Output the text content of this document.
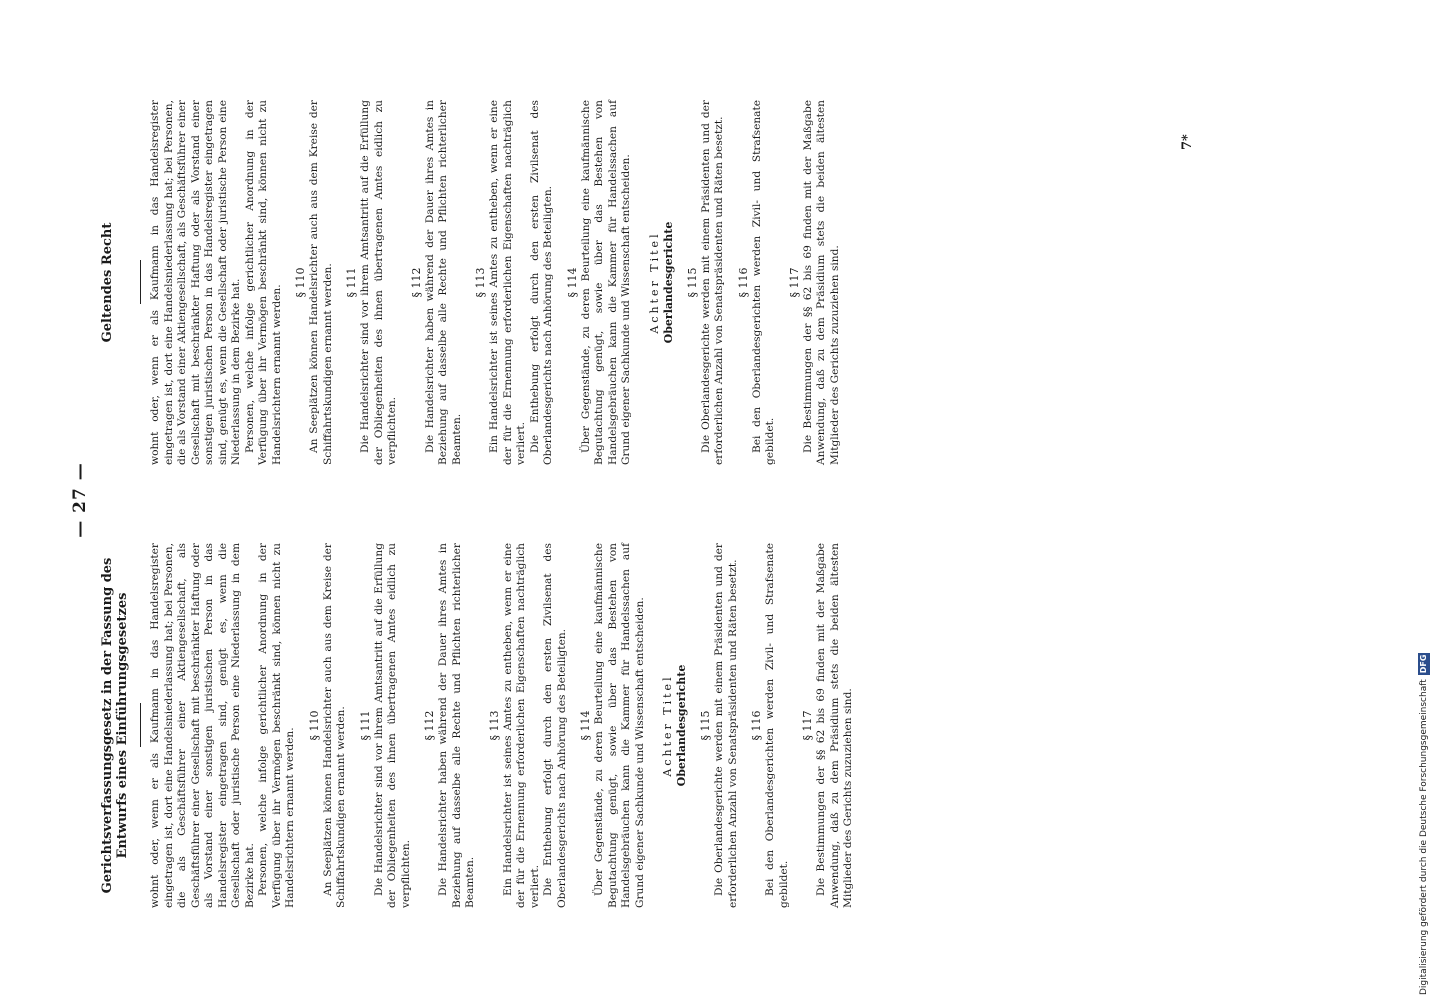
— 27 —
Gerichtsverfassungsgesetz in der Fassung des Entwurfs eines Einführungsgesetzes	wohnt oder, wenn er als Kaufmann in das Handelsregister eingetragen ist, dort eine Handelsniederlassung hat; bei Personen, die als Geschäftsführer einer Aktiengesellschaft, als Geschäftsführer einer Gesellschaft mit beschränkter Haftung oder als Vorstand einer sonstigen juristischen Person in das Handelsregister eingetragen sind, genügt es, wenn die Gesellschaft oder juristische Person eine Niederlassung in dem Bezirke hat. Personen, welche infolge gerichtlicher Anordnung in der Verfügung über ihr Vermögen beschränkt sind, können nicht zu Handelsrichtern ernannt werden.

§ 110 An Seeplätzen können Handelsrichter auch aus dem Kreise der Schiffahrtskundigen ernannt werden. § 111 Die Handelsrichter sind vor ihrem Amtsantritt auf die Erfüllung der Obliegenheiten des ihnen übertragenen Amtes eidlich zu verpflichten.

§ 112 Die Handelsrichter haben während der Dauer ihres Amtes in Beziehung auf dasselbe alle Rechte und Pflichten richterlicher Beamten.

§ 113 Ein Handelsrichter ist seines Amtes zu entheben, wenn er eine der für die Ernennung erforderlichen Eigenschaften nachträglich verliert. Die Enthebung erfolgt durch den ersten Zivilsenat des Oberlandesgerichts nach Anhörung des Beteiligten. § 114 Über Gegenstände, zu deren Beurteilung eine kaufmännische Begutachtung genügt, sowie über das Bestehen von Handelsgebräuchen kann die Kammer für Handelssachen auf Grund eigener Sachkunde und Wissenschaft entscheiden. Achter Titel Oberlandesgerichte § 115 Die Oberlandesgerichte werden mit einem Präsidenten und der erforderlichen Anzahl von Senatspräsidenten und Räten besetzt. § 116 Bei den Oberlandesgerichten werden Zivil- und Strafsenate gebildet.

§ 117 Die Bestimmungen der §§ 62 bis 69 finden mit der Maßgabe Anwendung, daß zu dem Präsidium stets die beiden ältesten Mitglieder des Gerichts zuzuziehen sind.

Geltendes Recht	wohnt oder, wenn er als Kaufmann in das Handelsregister eingetragen ist, dort eine Handelsniederlassung hat; bei Personen, die als Vorstand einer Aktiengesellschaft, als Geschäftsführer einer Gesellschaft mit beschränkter Haftung oder als Vorstand einer sonstigen juristischen Person in das Handelsregister eingetragen sind, genügt es, wenn die Gesellschaft oder juristische Person eine Niederlassung in dem Bezirke hat. Personen, welche infolge gerichtlicher Anordnung in der Verfügung über ihr Vermögen beschränkt sind, können nicht zu Handelsrichtern ernannt werden.

§ 110 An Seeplätzen können Handelsrichter auch aus dem Kreise der Schiffahrtskundigen ernannt werden. § 111 Die Handelsrichter sind vor ihrem Amtsantritt auf die Erfüllung der Obliegenheiten des ihnen übertragenen Amtes eidlich zu verpflichten.

§ 112 Die Handelsrichter haben während der Dauer ihres Amtes in Beziehung auf dasselbe alle Rechte und Pflichten richterlicher Beamten.

§ 113 Ein Handelsrichter ist seines Amtes zu entheben, wenn er eine der für die Ernennung erforderlichen Eigenschaften nachträglich verliert. Die Enthebung erfolgt durch den ersten Zivilsenat des Oberlandesgerichts nach Anhörung des Beteiligten. § 114 Über Gegenstände, zu deren Beurteilung eine kaufmännische Begutachtung genügt, sowie über das Bestehen von Handelsgebräuchen kann die Kammer für Handelssachen auf Grund eigener Sachkunde und Wissenschaft entscheiden. Achter Titel Oberlandesgerichte § 115 Die Oberlandesgerichte werden mit einem Präsidenten und der erforderlichen Anzahl von Senatspräsidenten und Räten besetzt. § 116 Bei den Oberlandesgerichten werden Zivil- und Strafsenate gebildet.

§ 117 Die Bestimmungen der §§ 62 bis 69 finden mit der Maßgabe Anwendung, daß zu dem Präsidium stets die beiden ältesten Mitglieder des Gerichts zuzuziehen sind.

7*
Digitalisierung gefördert durch die Deutsche ForschungsgemeinschaftDFG
